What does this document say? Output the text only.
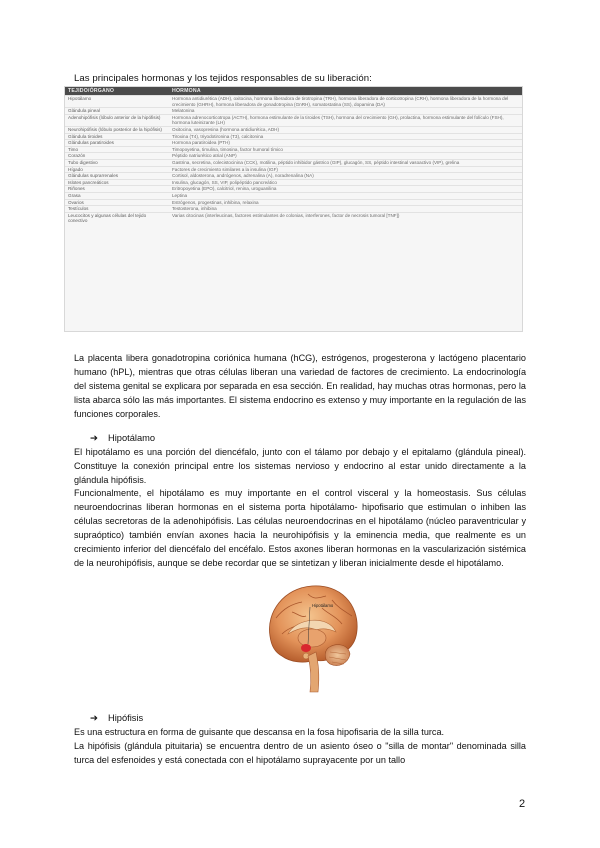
Las principales hormonas y los tejidos responsables de su liberación:
TEJIDO/ÓRGANO	HORMONA
Hipotálamo	Hormona antidiurética (ADH), oxitocina, hormona liberadora de tirotropina (TRH), hormona liberadora de corticotropina (CRH), hormona liberadora de la hormona del crecimiento (GHRH), hormona liberadora de gonadotropina (GnRH), somatostatina (SS), dopamina (DA)
Glándula pineal	Melatonina
Adenohipófisis (lóbulo anterior de la hipófisis)	Hormona adrenocorticotropa (ACTH), hormona estimulante de la tiroides (TSH), hormona del crecimiento (GH), prolactina, hormona estimulante del folículo (FSH), hormona luteinizante (LH)
Neurohipófisis (lóbulo posterior de la hipófisis)	Oxitocina, vasopresina (hormona antidiurética, ADH)
Glándula tiroides	Tiroxina (T4), triyodotironina (T3), calcitonina
Glándulas paratiroides	Hormona paratiroidea (PTH)
Timo	Timopoyetina, timulina, timosina, factor humoral tímico
Corazón	Péptido natriurético atrial (ANP)
Tubo digestivo	Gastrina, secretina, colecistocinina (CCK), motilina, péptido inhibidor gástrico (GIP), glucagón, SS, péptido intestinal vasoactivo (VIP), grelina
Hígado	Factores de crecimiento similares a la insulina (IGF)
Glándulas suprarrenales	Cortisol, aldosterona, andrógenos, adrenalina (A), noradrenalina (NA)
Islotes pancreáticos	Insulina, glucagón, SS, VIP, polipéptido pancreático
Riñones	Eritropoyetina (EPO), calcitriol, renina, uroguanilina
Grasa	Leptina
Ovarios	Estrógenos, progestinas, inhibina, relaxina
Testículos	Testosterona, inhibina
Leucocitos y algunas células del tejido conectivo	Varias citocinas (interleucinas, factores estimulantes de colonias, interferones, factor de necrosis tumoral [TNF])
La placenta libera gonadotropina coriónica humana (hCG), estrógenos, progesterona y lactógeno placentario humano (hPL), mientras que otras células liberan una variedad de factores de crecimiento. La endocrinología del sistema genital se explicara por separada en esa sección. En realidad, hay muchas otras hormonas, pero la lista abarca sólo las más importantes. El sistema endocrino es extenso y muy importante en la regulación de las funciones corporales.
➔ Hipotálamo
El hipotálamo es una porción del diencéfalo, junto con el tálamo por debajo y el epitalamo (glándula pineal). Constituye la conexión principal entre los sistemas nervioso y endocrino al estar unido directamente a la glándula hipófisis.
Funcionalmente, el hipotálamo es muy importante en el control visceral y la homeostasis. Sus células neuroendocrinas liberan hormonas en el sistema porta hipotálamo- hipofisario que estimulan o inhiben las células secretoras de la adenohipófisis. Las células neuroendocrinas en el hipotálamo (núcleo paraventricular y supraóptico) también envían axones hacia la neurohipófisis y la eminencia media, que realmente es un crecimiento inferior del diencéfalo del encéfalo. Estos axones liberan hormonas en la vascularización sistémica de la neurohipófisis, aunque se debe recordar que se sintetizan y liberan inicialmente desde el hipotálamo.
Hipotálamo
➔ Hipófisis
Es una estructura en forma de guisante que descansa en la fosa hipofisaria de la silla turca.
La hipófisis (glándula pituitaria) se encuentra dentro de un asiento óseo o "silla de montar" denominada silla turca del esfenoides y está conectada con el hipotálamo suprayacente por un tallo
2
